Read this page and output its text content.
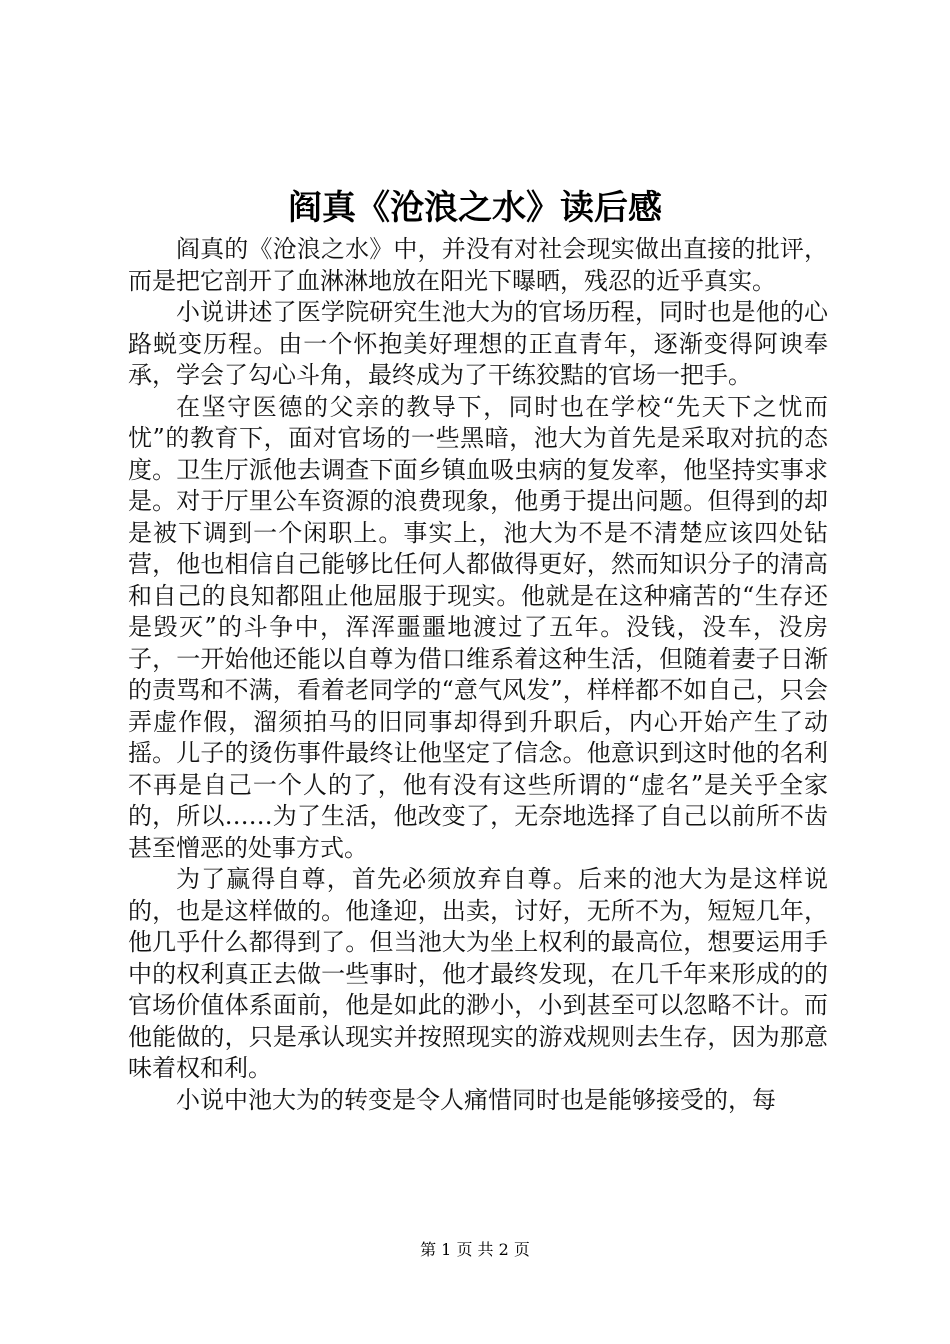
阎真《沧浪之水》读后感

阎真的《沧浪之水》中，并没有对社会现实做出直接的批评，而是把它剖开了血淋淋地放在阳光下曝晒，残忍的近乎真实。

小说讲述了医学院研究生池大为的官场历程，同时也是他的心路蜕变历程。由一个怀抱美好理想的正直青年，逐渐变得阿谀奉承，学会了勾心斗角，最终成为了干练狡黠的官场一把手。

在坚守医德的父亲的教导下，同时也在学校“先天下之忧而忧”的教育下，面对官场的一些黑暗，池大为首先是采取对抗的态度。卫生厅派他去调查下面乡镇血吸虫病的复发率，他坚持实事求是。对于厅里公车资源的浪费现象，他勇于提出问题。但得到的却是被下调到一个闲职上。事实上，池大为不是不清楚应该四处钻营，他也相信自己能够比任何人都做得更好，然而知识分子的清高和自己的良知都阻止他屈服于现实。他就是在这种痛苦的“生存还是毁灭”的斗争中，浑浑噩噩地渡过了五年。没钱，没车，没房子，一开始他还能以自尊为借口维系着这种生活，但随着妻子日渐的责骂和不满，看着老同学的“意气风发”，样样都不如自己，只会弄虚作假，溜须拍马的旧同事却得到升职后，内心开始产生了动摇。儿子的烫伤事件最终让他坚定了信念。他意识到这时他的名利不再是自己一个人的了，他有没有这些所谓的“虚名”是关乎全家的，所以……为了生活，他改变了，无奈地选择了自己以前所不齿甚至憎恶的处事方式。

为了赢得自尊，首先必须放弃自尊。后来的池大为是这样说的，也是这样做的。他逢迎，出卖，讨好，无所不为，短短几年，他几乎什么都得到了。但当池大为坐上权利的最高位，想要运用手中的权利真正去做一些事时，他才最终发现，在几千年来形成的的官场价值体系面前，他是如此的渺小，小到甚至可以忽略不计。而他能做的，只是承认现实并按照现实的游戏规则去生存，因为那意味着权和利。

小说中池大为的转变是令人痛惜同时也是能够接受的，每

第 1 页 共 2 页
